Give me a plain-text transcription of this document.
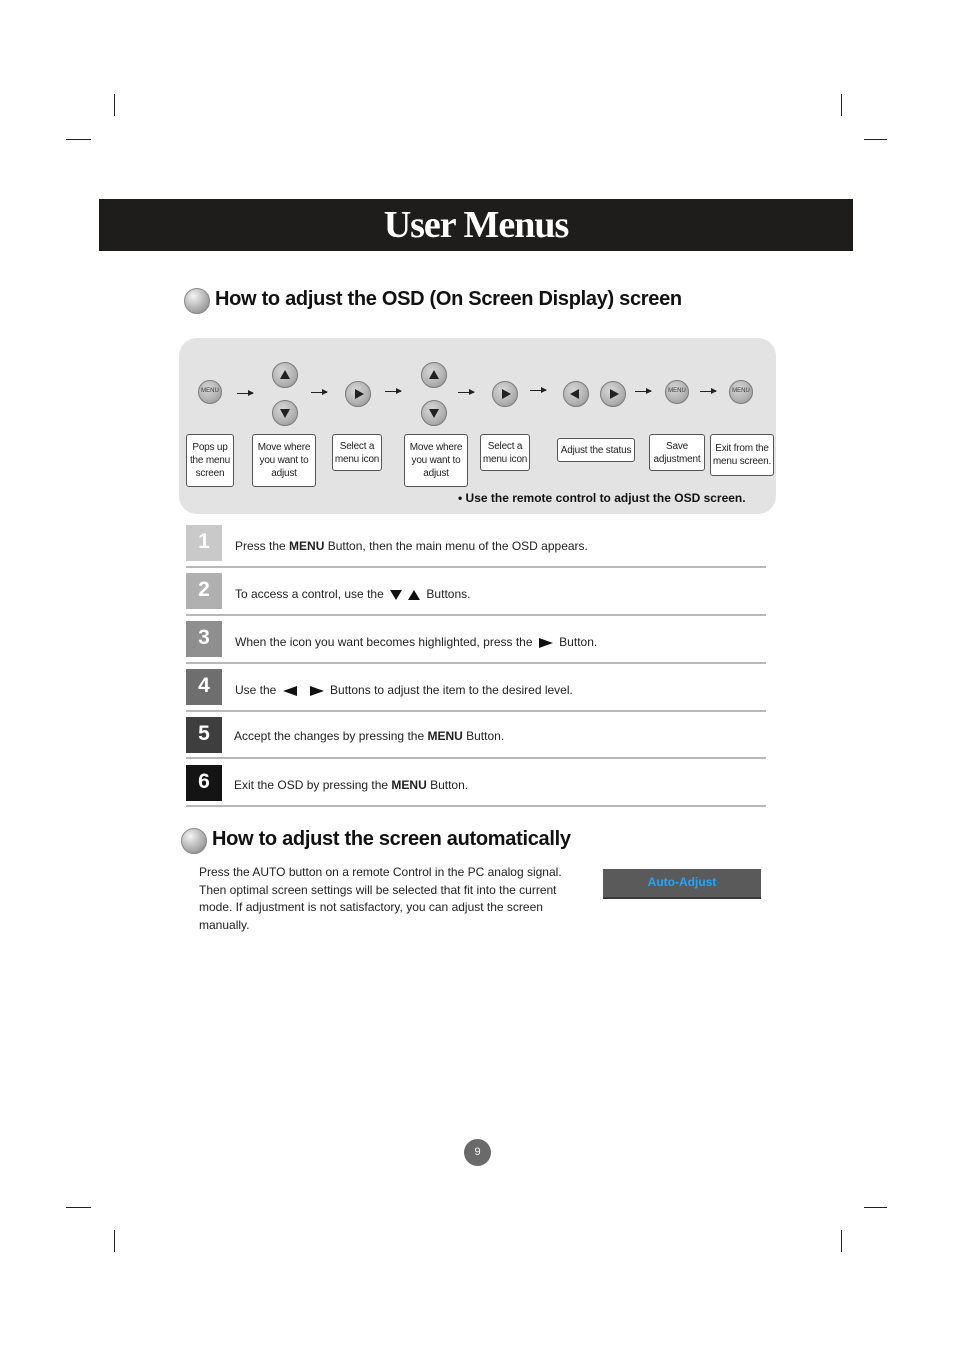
User Menus
How to adjust the OSD (On Screen Display) screen
MENU	MENU	MENU
Pops up the menu screen
Move where you want to adjust
Select a menu icon
Move where you want to adjust
Select a menu icon
Adjust the status	Save adjustment
Exit from the menu screen.
• Use the remote control to adjust the OSD screen.
1	Press the MENU Button, then the main menu of the OSD appears.
2	To access a control, use the	Buttons.
3	When the icon you want becomes highlighted, press the  Button.
4	Use the	Buttons to adjust the item to the desired level.
5	Accept the changes by pressing the MENU Button.
6	Exit the OSD by pressing the MENU Button.
How to adjust the screen automatically
Press the AUTO button on a remote Control in the PC analog signal. Then optimal screen settings will be selected that fit into the current mode. If adjustment is not satisfactory, you can adjust the screen manually.
Auto-Adjust
9
